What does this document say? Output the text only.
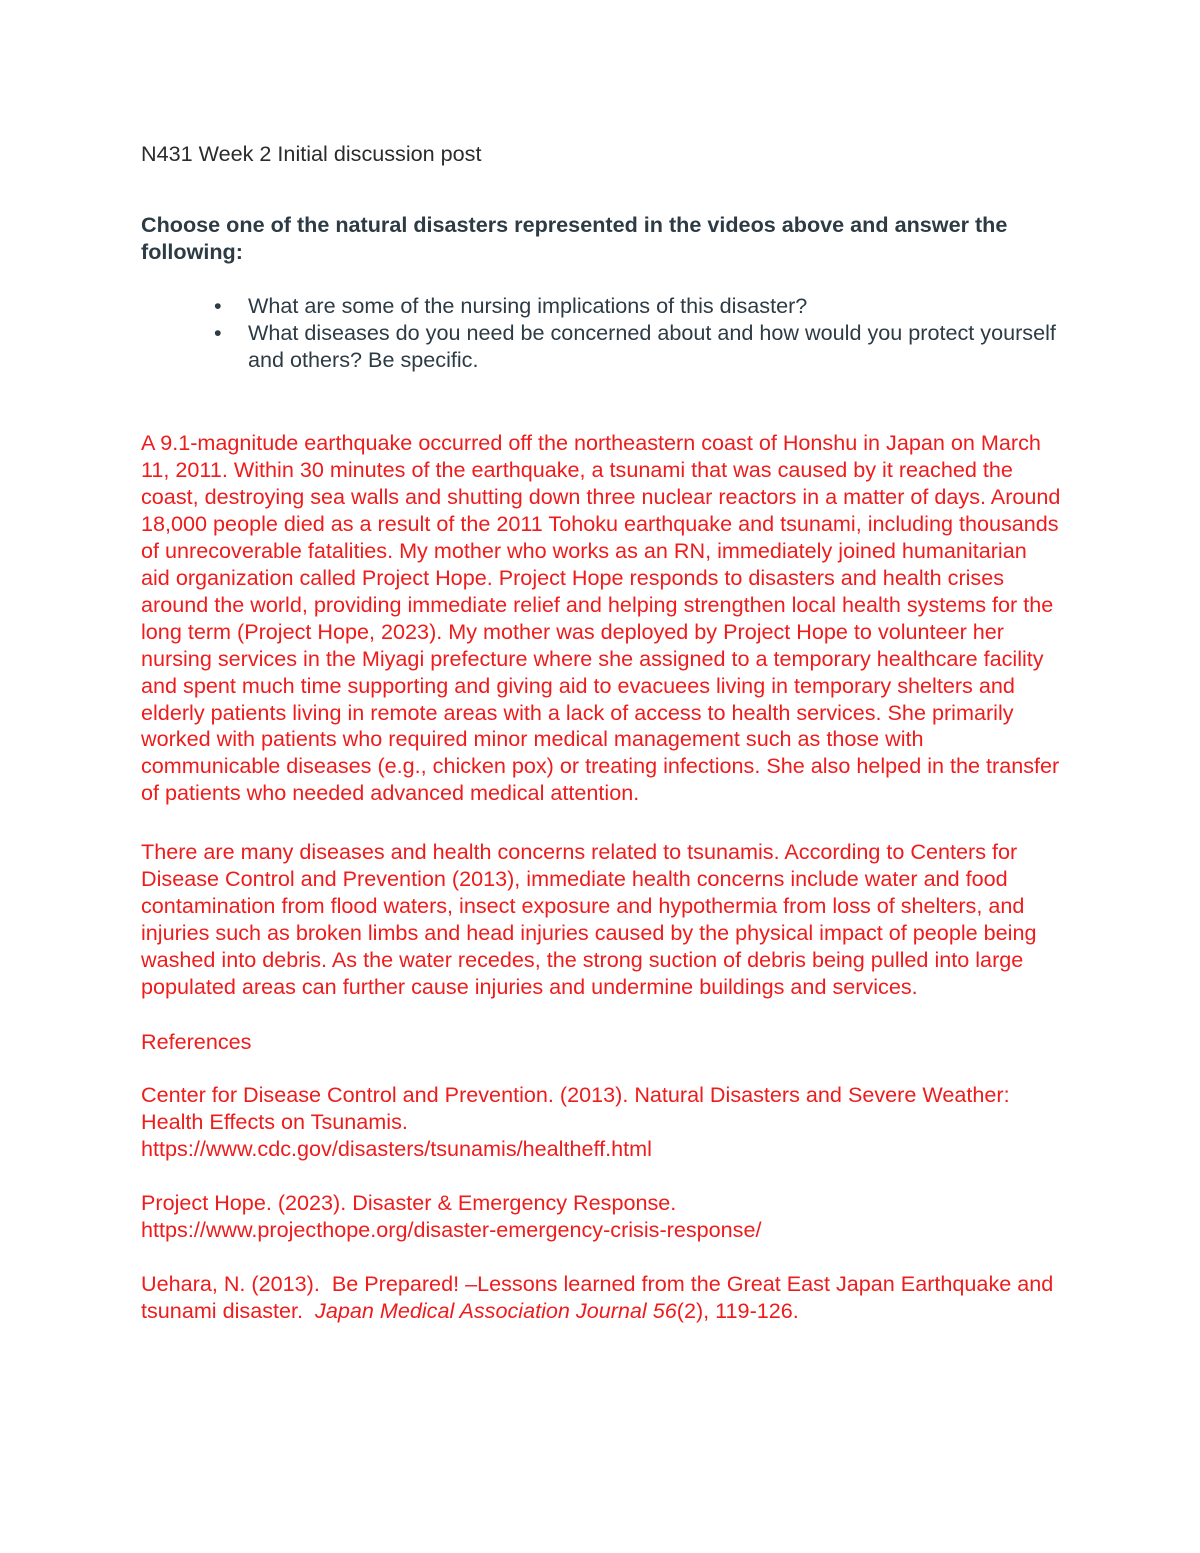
N431 Week 2 Initial discussion post

Choose one of the natural disasters represented in the videos above and answer the following:

• What are some of the nursing implications of this disaster?
• What diseases do you need be concerned about and how would you protect yourself and others? Be specific.

A 9.1-magnitude earthquake occurred off the northeastern coast of Honshu in Japan on March 11, 2011. Within 30 minutes of the earthquake, a tsunami that was caused by it reached the coast, destroying sea walls and shutting down three nuclear reactors in a matter of days. Around 18,000 people died as a result of the 2011 Tohoku earthquake and tsunami, including thousands of unrecoverable fatalities. My mother who works as an RN, immediately joined humanitarian aid organization called Project Hope. Project Hope responds to disasters and health crises around the world, providing immediate relief and helping strengthen local health systems for the long term (Project Hope, 2023). My mother was deployed by Project Hope to volunteer her nursing services in the Miyagi prefecture where she assigned to a temporary healthcare facility and spent much time supporting and giving aid to evacuees living in temporary shelters and elderly patients living in remote areas with a lack of access to health services. She primarily worked with patients who required minor medical management such as those with communicable diseases (e.g., chicken pox) or treating infections. She also helped in the transfer of patients who needed advanced medical attention.

There are many diseases and health concerns related to tsunamis. According to Centers for Disease Control and Prevention (2013), immediate health concerns include water and food contamination from flood waters, insect exposure and hypothermia from loss of shelters, and injuries such as broken limbs and head injuries caused by the physical impact of people being washed into debris. As the water recedes, the strong suction of debris being pulled into large populated areas can further cause injuries and undermine buildings and services.

References

Center for Disease Control and Prevention. (2013). Natural Disasters and Severe Weather: Health Effects on Tsunamis.
https://www.cdc.gov/disasters/tsunamis/healtheff.html

Project Hope. (2023). Disaster & Emergency Response.
https://www.projecthope.org/disaster-emergency-crisis-response/

Uehara, N. (2013).  Be Prepared! –Lessons learned from the Great East Japan Earthquake and tsunami disaster.  Japan Medical Association Journal 56(2), 119-126.
